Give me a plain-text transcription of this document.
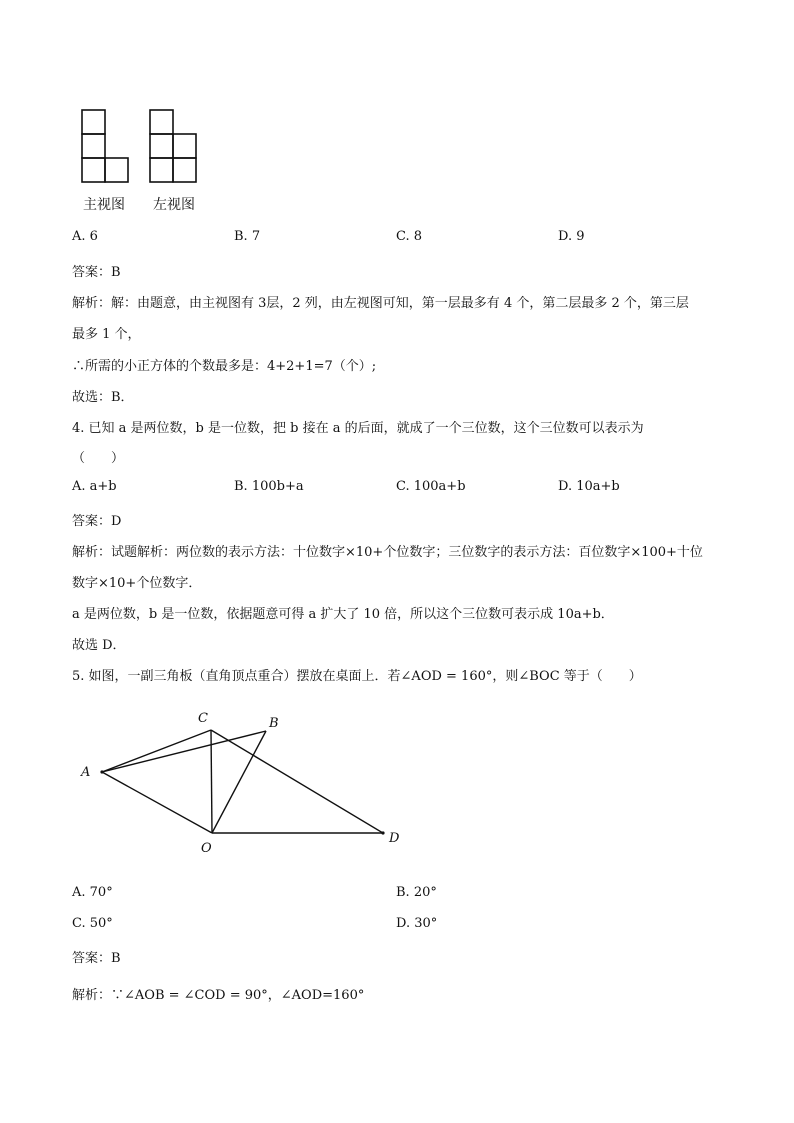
主视图 左视图
A. 6	B. 7	C. 8	D. 9
答案：B
解析：解：由题意，由主视图有 3层，2 列，由左视图可知，第一层最多有 4 个，第二层最多 2 个，第三层
最多 1 个，
∴所需的小正方体的个数最多是：4+2+1=7（个）;
故选：B．
4. 已知 a 是两位数，b 是一位数，把 b 接在 a 的后面，就成了一个三位数，这个三位数可以表示为
（　　）
A. a+b	B. 100b+a	C. 100a+b	D. 10a+b
答案：D
解析：试题解析：两位数的表示方法：十位数字×10+个位数字；三位数字的表示方法：百位数字×100+十位
数字×10+个位数字．
a 是两位数，b 是一位数，依据题意可得 a 扩大了 10 倍，所以这个三位数可表示成 10a+b．
故选 D．
5. 如图，一副三角板（直角顶点重合）摆放在桌面上．若∠AOD = 160°，则∠BOC 等于（　　）
A
C	B
O
D
A. 70°	B. 20°
C. 50°	D. 30°
答案：B
解析：∵∠AOB = ∠COD = 90°，∠AOD=160°
